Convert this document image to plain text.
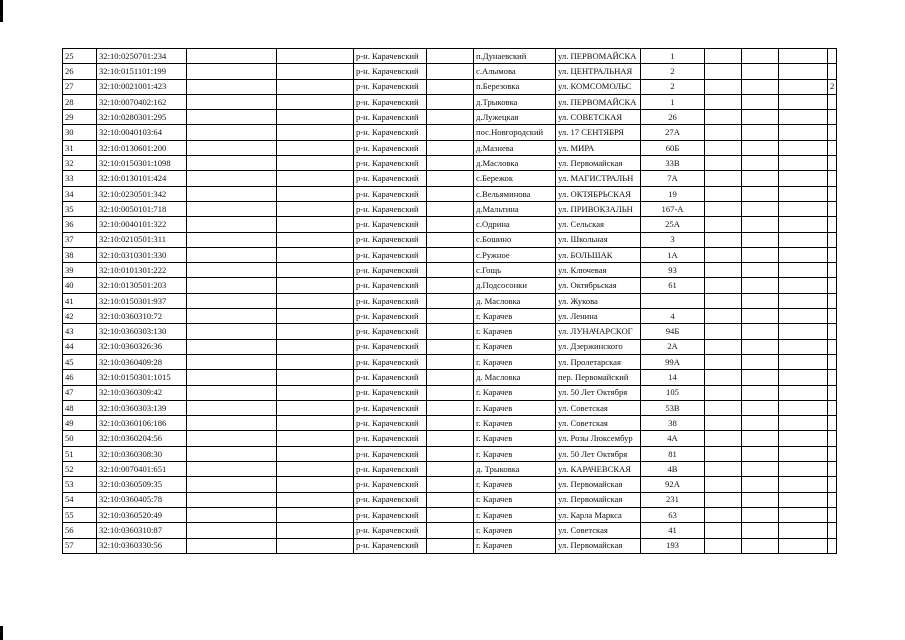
25	32:10:0250701:234			р-н. Карачевский		п.Дунаевский	ул. ПЕРВОМАЙСКА	1				
26	32:10:0151101:199			р-н. Карачевский		с.Алымова	ул. ЦЕНТРАЛЬНАЯ	2				
27	32:10:0021001:423			р-н. Карачевский		п.Березовка	ул. КОМСОМОЛЬС	2				2
28	32:10:0070402:162			р-н. Карачевский		д.Трыковка	ул. ПЕРВОМАЙСКА	1				
29	32:10:0280301:295			р-н. Карачевский		д.Лужецкая	ул. СОВЕТСКАЯ	26				
30	32:10:0040103:64			р-н. Карачевский		пос.Новгородский	ул. 17 СЕНТЯБРЯ	27А				
31	32:10:0130601:200			р-н. Карачевский		д.Мазнева	ул. МИРА	60Б				
32	32:10:0150301:1098			р-н. Карачевский		д.Масловка	ул. Первомайская	33В				
33	32:10:0130101:424			р-н. Карачевский		с.Бережок	ул. МАГИСТРАЛЬН	7А				
34	32:10:0230501:342			р-н. Карачевский		с.Вельяминова	ул. ОКТЯБРЬСКАЯ	19				
35	32:10:0050101:718			р-н. Карачевский		д.Мальтина	ул. ПРИВОКЗАЛЬН	167-А				
36	32:10:0040101:322			р-н. Карачевский		с.Одрина	ул. Сельская	25А				
37	32:10:0210501:311			р-н. Карачевский		с.Бошино	ул. Школьная	3				
38	32:10:0310301:330			р-н. Карачевский		с.Ружное	ул. БОЛЬШАК	1А				
39	32:10:0101301:222			р-н. Карачевский		с.Гощь	ул. Ключевая	93				
40	32:10:0130501:203			р-н. Карачевский		д.Подсосонки	ул. Октябрьская	61				
41	32:10:0150301:937			р-н. Карачевский		д. Масловка	ул. Жукова					
42	32:10:0360310:72			р-н. Карачевский		г. Карачев	ул. Ленина	4				
43	32:10:0360303:130			р-н. Карачевский		г. Карачев	ул. ЛУНАЧАРСКОГ	94Б				
44	32:10:0360326:36			р-н. Карачевский		г. Карачев	ул. Дзержинского	2А				
45	32:10:0360409:28			р-н. Карачевский		г. Карачев	ул. Пролетарская	99А				
46	32:10:0150301:1015			р-н. Карачевский		д. Масловка	пер. Первомайский	14				
47	32:10:0360309:42			р-н. Карачевский		г. Карачев	ул. 50 Лет Октября	105				
48	32:10:0360303:139			р-н. Карачевский		г. Карачев	ул. Советская	53В				
49	32:10:0360106:186			р-н. Карачевский		г. Карачев	ул. Советская	38				
50	32:10:0360204:56			р-н. Карачевский		г. Карачев	ул. Розы Люксембур	4А				
51	32:10:0360308:30			р-н. Карачевский		г. Карачев	ул. 50 Лет Октября	81				
52	32:10:0070401:651			р-н. Карачевский		д. Трыковка	ул. КАРАЧЕВСКАЯ	4В				
53	32:10:0360509:35			р-н. Карачевский		г. Карачев	ул. Первомайская	92А				
54	32:10:0360405:78			р-н. Карачевский		г. Карачев	ул. Первомайская	231				
55	32:10:0360520:49			р-н. Карачевский		г. Карачев	ул. Карла Маркса	63				
56	32:10:0360310:87			р-н. Карачевский		г. Карачев	ул. Советская	41				
57	32:10:0360330:56			р-н. Карачевский		г. Карачев	ул. Первомайская	193				
